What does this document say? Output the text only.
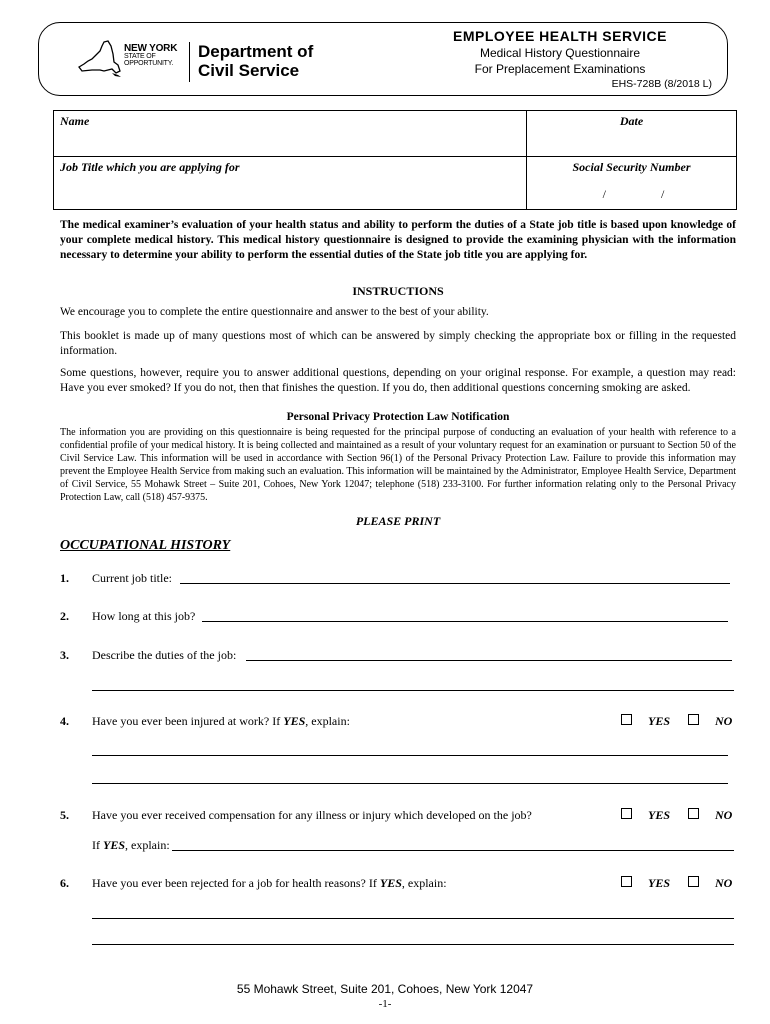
NEW YORK
STATE OF
OPPORTUNITY.
Department of
Civil Service
EMPLOYEE HEALTH SERVICE
Medical History Questionnaire
For Preplacement Examinations
EHS-728B (8/2018 L)
Name	Date
Job Title which you are applying for	Social Security Number
/ /
The medical examiner’s evaluation of your health status and ability to perform the duties of a State job title is based upon knowledge of your complete medical history. This medical history questionnaire is designed to provide the examining physician with the information necessary to determine your ability to perform the essential duties of the State job title you are applying for.
INSTRUCTIONS
We encourage you to complete the entire questionnaire and answer to the best of your ability.
This booklet is made up of many questions most of which can be answered by simply checking the appropriate box or filling in the requested information.
Some questions, however, require you to answer additional questions, depending on your original response. For example, a question may read: Have you ever smoked? If you do not, then that finishes the question. If you do, then additional questions concerning smoking are asked.
Personal Privacy Protection Law Notification
The information you are providing on this questionnaire is being requested for the principal purpose of conducting an evaluation of your health with reference to a confidential profile of your medical history. It is being collected and maintained as a result of your voluntary request for an examination or pursuant to Section 50 of the Civil Service Law. This information will be used in accordance with Section 96(1) of the Personal Privacy Protection Law. Failure to provide this information may prevent the Employee Health Service from making such an evaluation. This information will be maintained by the Administrator, Employee Health Service, Department of Civil Service, 55 Mohawk Street – Suite 201, Cohoes, New York 12047; telephone (518) 233-3100. For further information relating only to the Personal Privacy Protection Law, call (518) 457-9375.
PLEASE PRINT
OCCUPATIONAL HISTORY
1. Current job title:
2. How long at this job?
3. Describe the duties of the job:
4. Have you ever been injured at work? If YES, explain:	YES	NO
5. Have you ever received compensation for any illness or injury which developed on the job?	YES	NO
If YES, explain:
6. Have you ever been rejected for a job for health reasons? If YES, explain:	YES	NO
55 Mohawk Street, Suite 201, Cohoes, New York 12047
-1-
